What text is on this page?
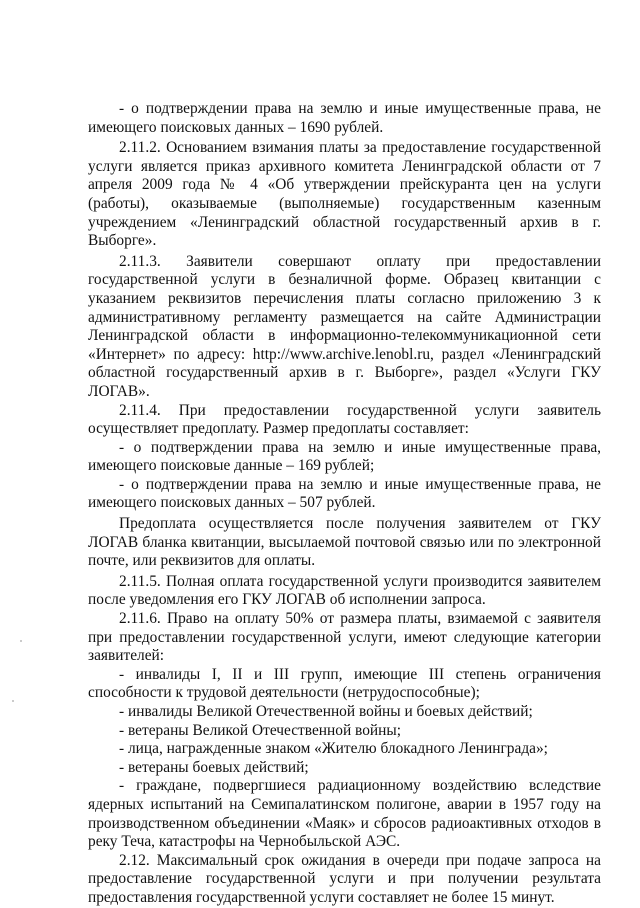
- о подтверждении права на землю и иные имущественные права, не имеющего поисковых данных – 1690 рублей.

2.11.2. Основанием взимания платы за предоставление государственной услуги является приказ архивного комитета Ленинградской области от 7 апреля 2009 года № 4 «Об утверждении прейскуранта цен на услуги (работы), оказываемые (выполняемые) государственным казенным учреждением «Ленинградский областной государственный архив в г. Выборге».

2.11.3. Заявители совершают оплату при предоставлении государственной услуги в безналичной форме. Образец квитанции с указанием реквизитов перечисления платы согласно приложению 3 к административному регламенту размещается на сайте Администрации Ленинградской области в информационно-телекоммуникационной сети «Интернет» по адресу: http://www.archive.lenobl.ru, раздел «Ленинградский областной государственный архив в г. Выборге», раздел «Услуги ГКУ ЛОГАВ».

2.11.4. При предоставлении государственной услуги заявитель осуществляет предоплату. Размер предоплаты составляет:

- о подтверждении права на землю и иные имущественные права, имеющего поисковые данные – 169 рублей;

- о подтверждении права на землю и иные имущественные права, не имеющего поисковых данных – 507 рублей.

Предоплата осуществляется после получения заявителем от ГКУ ЛОГАВ бланка квитанции, высылаемой почтовой связью или по электронной почте, или реквизитов для оплаты.

2.11.5. Полная оплата государственной услуги производится заявителем после уведомления его ГКУ ЛОГАВ об исполнении запроса.

2.11.6. Право на оплату 50% от размера платы, взимаемой с заявителя при предоставлении государственной услуги, имеют следующие категории заявителей:

- инвалиды I, II и III групп, имеющие III степень ограничения способности к трудовой деятельности (нетрудоспособные);

- инвалиды Великой Отечественной войны и боевых действий;

- ветераны Великой Отечественной войны;

- лица, награжденные знаком «Жителю блокадного Ленинграда»;

- ветераны боевых действий;

- граждане, подвергшиеся радиационному воздействию вследствие ядерных испытаний на Семипалатинском полигоне, аварии в 1957 году на производственном объединении «Маяк» и сбросов радиоактивных отходов в реку Теча, катастрофы на Чернобыльской АЭС.

2.12. Максимальный срок ожидания в очереди при подаче запроса на предоставление государственной услуги и при получении результата предоставления государственной услуги составляет не более 15 минут.
